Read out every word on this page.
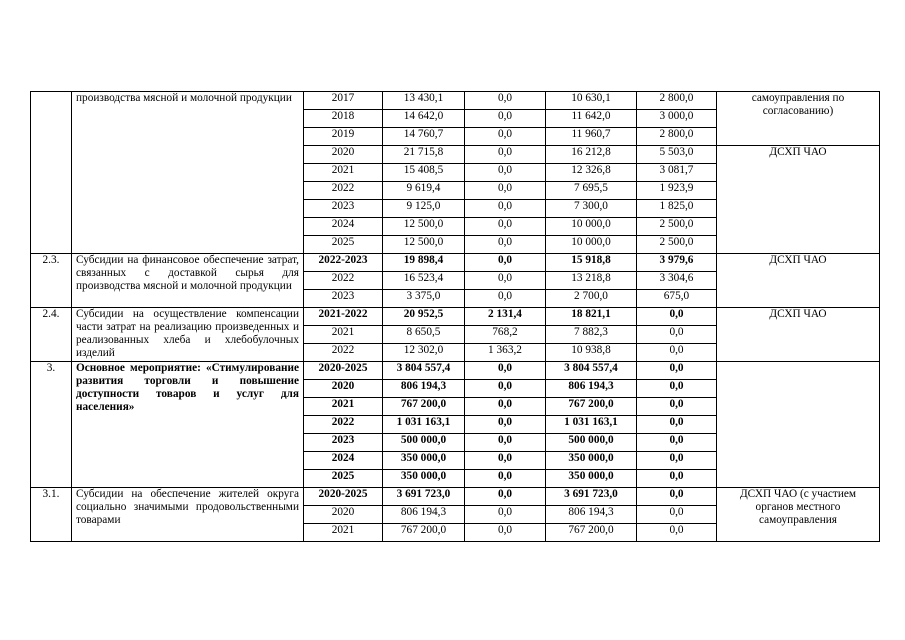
	производства мясной и молочной продукции	2017	13 430,1	0,0	10 630,1	2 800,0	самоуправления по согласованию)
		2018	14 642,0	0,0	11 642,0	3 000,0	
		2019	14 760,7	0,0	11 960,7	2 800,0	
		2020	21 715,8	0,0	16 212,8	5 503,0	ДСХП ЧАО
		2021	15 408,5	0,0	12 326,8	3 081,7	
		2022	9 619,4	0,0	7 695,5	1 923,9	
		2023	9 125,0	0,0	7 300,0	1 825,0	
		2024	12 500,0	0,0	10 000,0	2 500,0	
		2025	12 500,0	0,0	10 000,0	2 500,0	
2.3.	Субсидии на финансовое обеспечение затрат, связанных с доставкой сырья для производства мясной и молочной продукции	2022-2023	19 898,4	0,0	15 918,8	3 979,6	ДСХП ЧАО
		2022	16 523,4	0,0	13 218,8	3 304,6	
		2023	3 375,0	0,0	2 700,0	675,0	
2.4.	Субсидии на осуществление компенсации части затрат на реализацию произведенных и реализованных хлеба и хлебобулочных изделий	2021-2022	20 952,5	2 131,4	18 821,1	0,0	ДСХП ЧАО
		2021	8 650,5	768,2	7 882,3	0,0	
		2022	12 302,0	1 363,2	10 938,8	0,0	
3.	Основное мероприятие: «Стимулирование развития торговли и повышение доступности товаров и услуг для населения»	2020-2025	3 804 557,4	0,0	3 804 557,4	0,0	
		2020	806 194,3	0,0	806 194,3	0,0	
		2021	767 200,0	0,0	767 200,0	0,0	
		2022	1 031 163,1	0,0	1 031 163,1	0,0	
		2023	500 000,0	0,0	500 000,0	0,0	
		2024	350 000,0	0,0	350 000,0	0,0	
		2025	350 000,0	0,0	350 000,0	0,0	
3.1.	Субсидии на обеспечение жителей округа социально значимыми продовольственными товарами	2020-2025	3 691 723,0	0,0	3 691 723,0	0,0	ДСХП ЧАО (с участием органов местного самоуправления
		2020	806 194,3	0,0	806 194,3	0,0	
		2021	767 200,0	0,0	767 200,0	0,0	
